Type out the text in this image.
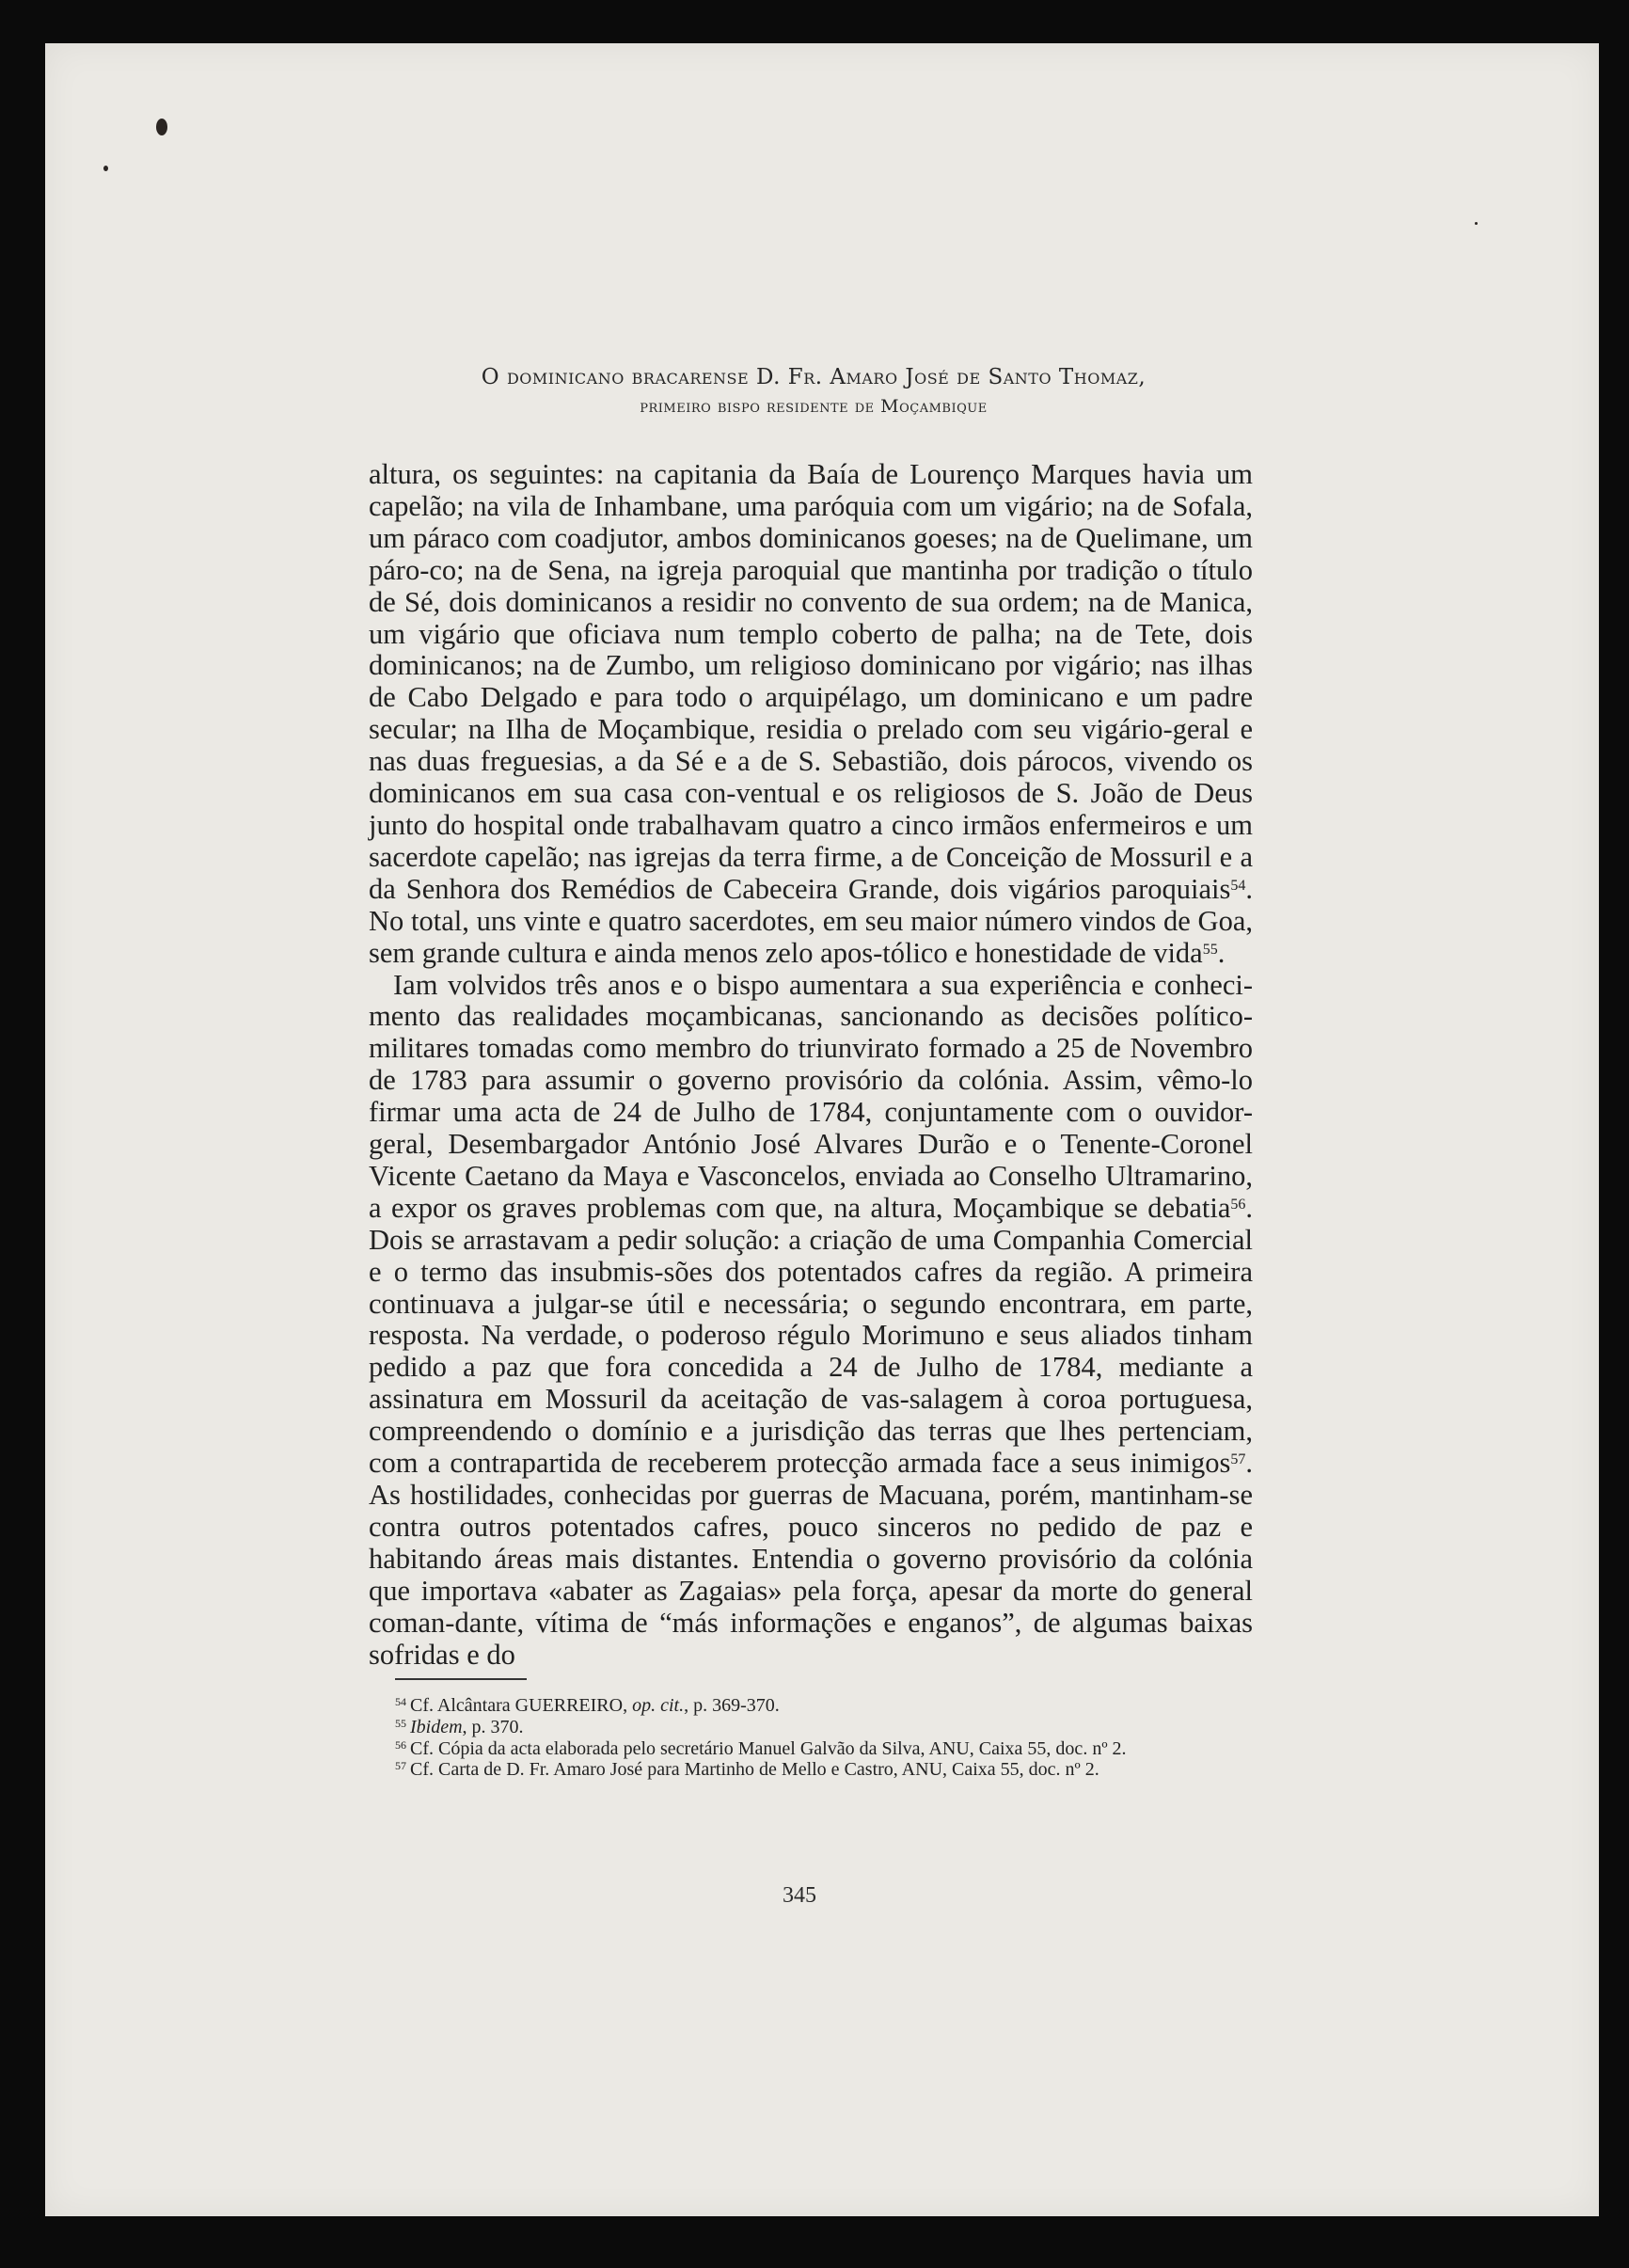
O dominicano bracarense D. Fr. Amaro José de Santo Thomaz,
primeiro bispo residente de Moçambique

altura, os seguintes: na capitania da Baía de Lourenço Marques havia um capelão; na vila de Inhambane, uma paróquia com um vigário; na de Sofala, um páraco com coadjutor, ambos dominicanos goeses; na de Quelimane, um páro-co; na de Sena, na igreja paroquial que mantinha por tradição o título de Sé, dois dominicanos a residir no convento de sua ordem; na de Manica, um vigário que oficiava num templo coberto de palha; na de Tete, dois dominicanos; na de Zumbo, um religioso dominicano por vigário; nas ilhas de Cabo Delgado e para todo o arquipélago, um dominicano e um padre secular; na Ilha de Moçambique, residia o prelado com seu vigário-geral e nas duas freguesias, a da Sé e a de S. Sebastião, dois párocos, vivendo os dominicanos em sua casa con-ventual e os religiosos de S. João de Deus junto do hospital onde trabalhavam quatro a cinco irmãos enfermeiros e um sacerdote capelão; nas igrejas da terra firme, a de Conceição de Mossuril e a da Senhora dos Remédios de Cabeceira Grande, dois vigários paroquiais$^{54}$. No total, uns vinte e quatro sacerdotes, em seu maior número vindos de Goa, sem grande cultura e ainda menos zelo apos-tólico e honestidade de vida$^{55}$.

Iam volvidos três anos e o bispo aumentara a sua experiência e conheci-mento das realidades moçambicanas, sancionando as decisões político-militares tomadas como membro do triunvirato formado a 25 de Novembro de 1783 para assumir o governo provisório da colónia. Assim, vêmo-lo firmar uma acta de 24 de Julho de 1784, conjuntamente com o ouvidor-geral, Desembargador António José Alvares Durão e o Tenente-Coronel Vicente Caetano da Maya e Vasconcelos, enviada ao Conselho Ultramarino, a expor os graves problemas com que, na altura, Moçambique se debatia$^{56}$. Dois se arrastavam a pedir solução: a criação de uma Companhia Comercial e o termo das insubmis-sões dos potentados cafres da região. A primeira continuava a julgar-se útil e necessária; o segundo encontrara, em parte, resposta. Na verdade, o poderoso régulo Morimuno e seus aliados tinham pedido a paz que fora concedida a 24 de Julho de 1784, mediante a assinatura em Mossuril da aceitação de vas-salagem à coroa portuguesa, compreendendo o domínio e a jurisdição das terras que lhes pertenciam, com a contrapartida de receberem protecção armada face a seus inimigos$^{57}$. As hostilidades, conhecidas por guerras de Macuana, porém, mantinham-se contra outros potentados cafres, pouco sinceros no pedido de paz e habitando áreas mais distantes. Entendia o governo provisório da colónia que importava «abater as Zagaias» pela força, apesar da morte do general coman-dante, vítima de “más informações e enganos”, de algumas baixas sofridas e do

$^{54}$ Cf. Alcântara GUERREIRO, op. cit., p. 369-370.
$^{55}$ Ibidem, p. 370.
$^{56}$ Cf. Cópia da acta elaborada pelo secretário Manuel Galvão da Silva, ANU, Caixa 55, doc. nº 2.
$^{57}$ Cf. Carta de D. Fr. Amaro José para Martinho de Mello e Castro, ANU, Caixa 55, doc. nº 2.
345
